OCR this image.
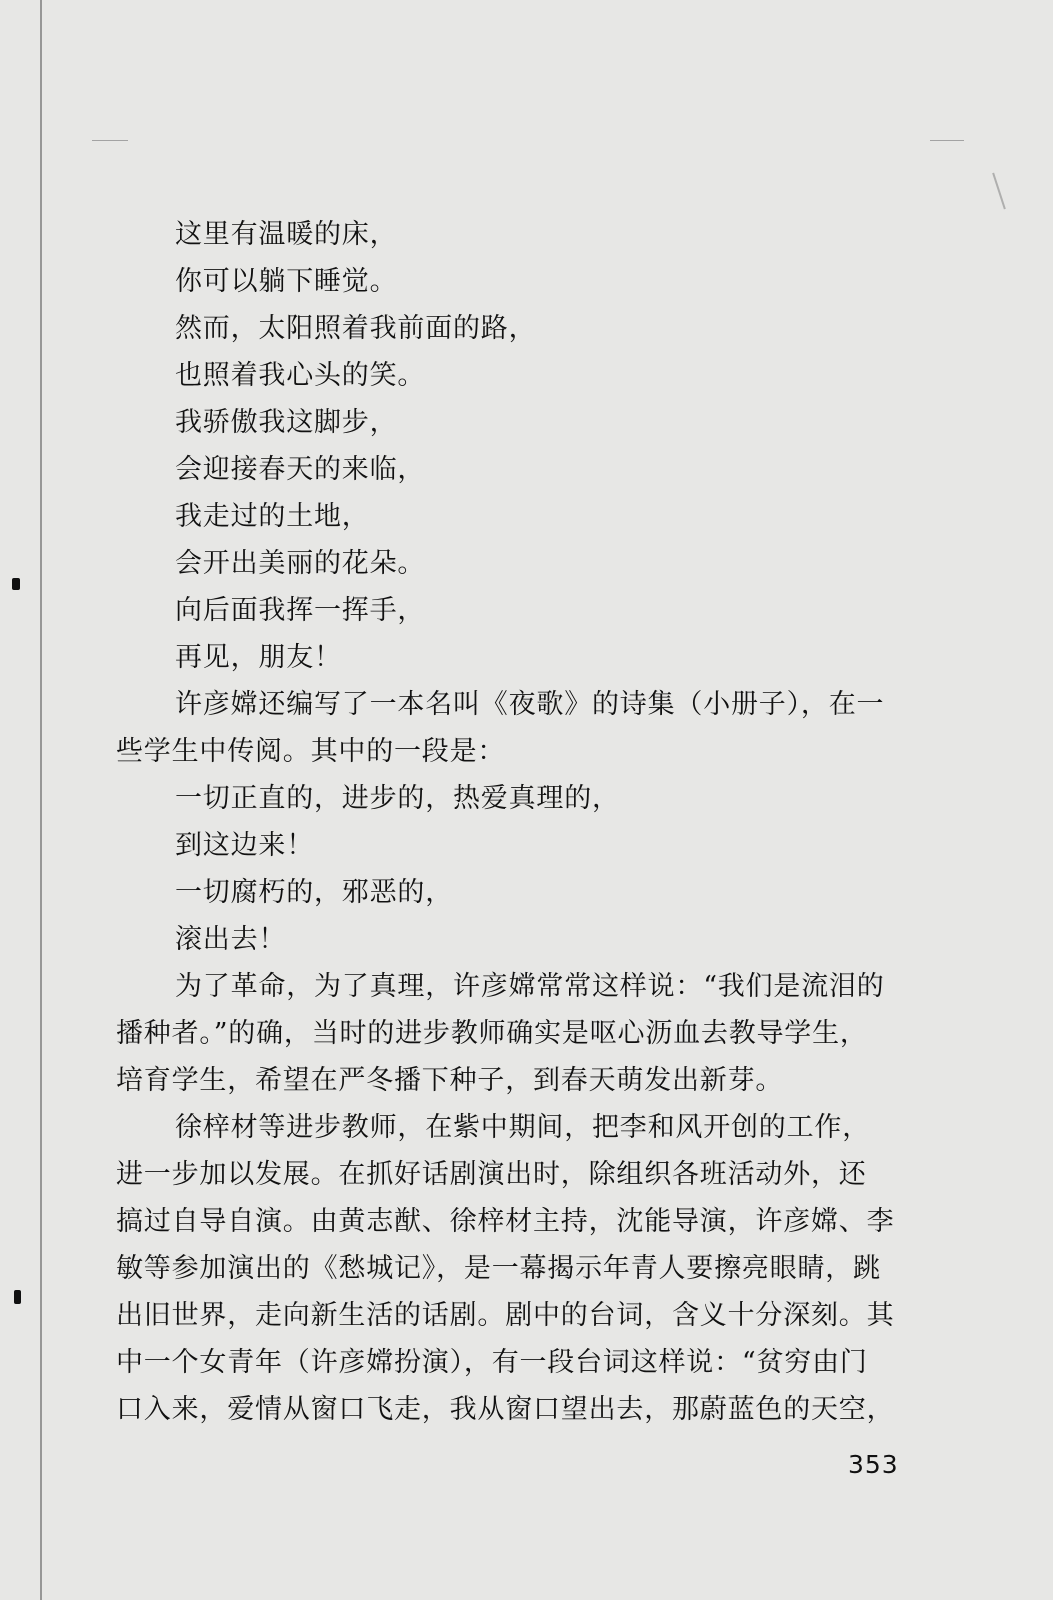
这里有温暖的床，
你可以躺下睡觉。
然而，太阳照着我前面的路，
也照着我心头的笑。
我骄傲我这脚步，
会迎接春天的来临，
我走过的土地，
会开出美丽的花朵。
向后面我挥一挥手，
再见，朋友！
许彦嫦还编写了一本名叫《夜歌》的诗集（小册子），在一
些学生中传阅。其中的一段是：
一切正直的，进步的，热爱真理的，
到这边来！
一切腐朽的，邪恶的，
滚出去！
为了革命，为了真理，许彦嫦常常这样说：“我们是流泪的
播种者。”的确，当时的进步教师确实是呕心沥血去教导学生，
培育学生，希望在严冬播下种子，到春天萌发出新芽。
徐梓材等进步教师，在紫中期间，把李和风开创的工作，
进一步加以发展。在抓好话剧演出时，除组织各班活动外，还
搞过自导自演。由黄志猷、徐梓材主持，沈能导演，许彦嫦、李
敏等参加演出的《愁城记》，是一幕揭示年青人要擦亮眼睛，跳
出旧世界，走向新生活的话剧。剧中的台词，含义十分深刻。其
中一个女青年（许彦嫦扮演），有一段台词这样说：“贫穷由门
口入来，爱情从窗口飞走，我从窗口望出去，那蔚蓝色的天空，
353
